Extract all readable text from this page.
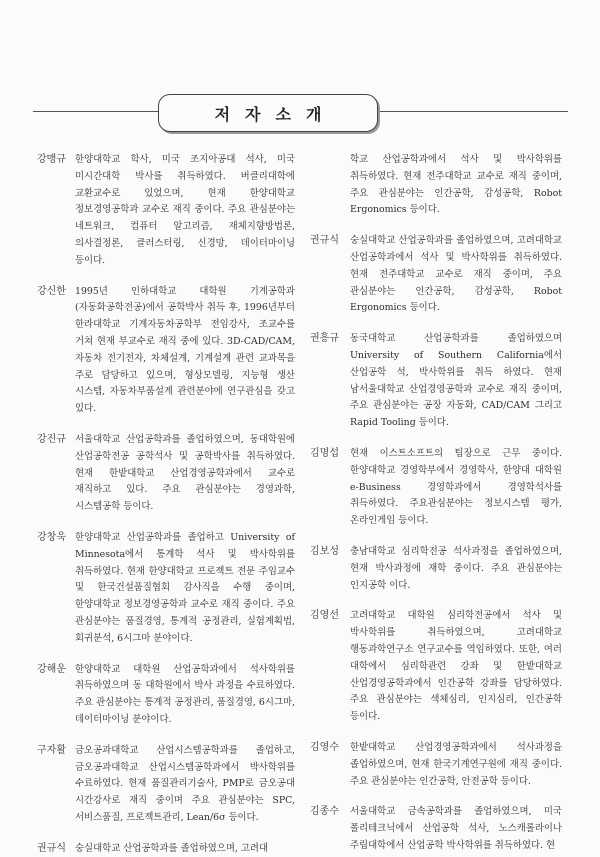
저자소개
강맹규 한양대학교 학사, 미국 조지아공대 석사, 미국 미시간대학 박사를 취득하였다. 버클리대학에 교환교수로 있었으며, 현재 한양대학교 정보경영공학과 교수로 재직 중이다. 주요 관심분야는 네트워크, 컴퓨터 알고리즘, 재체지향방법론, 의사결정론, 클러스터링, 신경망, 데이터마이닝 등이다.
강신한 1995년 인하대학교 대학원 기계공학과(자동화공학전공)에서 공학박사 취득 후, 1996년부터 한라대학교 기계자동차공학부 전임강사, 조교수를 거쳐 현재 부교수로 재직 중에 있다. 3D-CAD/CAM, 자동차 전기전자, 차체설계, 기계설계 관련 교과목을 주로 담당하고 있으며, 형상모델링, 지능형 생산 시스템, 자동차부품설계 관련분야에 연구관심을 갖고 있다.
강진규 서울대학교 산업공학과를 졸업하였으며, 동대학원에 산업공학전공 공학석사 및 공학박사를 취득하였다. 현재 한밭대학교 산업경영공학과에서 교수로 재직하고 있다. 주요 관심분야는 경영과학, 시스템공학 등이다.
강창욱 한양대학교 산업공학과를 졸업하고 University of Minnesota에서 통계학 석사 및 박사학위를 취득하였다. 현재 한양대학교 프로젝트 전문 주임교수 및 한국건설품질협회 감사직을 수행 중이며, 한양대학교 정보경영공학과 교수로 재직 중이다. 주요 관심분야는 품질경영, 통계적 공정관리, 실험계획법, 회귀분석, 6시그마 분야이다.
강해운 한양대학교 대학원 산업공학과에서 석사학위를 취득하였으며 동 대학원에서 박사 과정을 수료하였다. 주요 관심분야는 통계적 공정관리, 품질경영, 6시그마, 데이터마이닝 분야이다.
구자활 금오공과대학교 산업시스템공학과를 졸업하고, 금오공과대학교 산업시스템공학과에서 박사학위를 수료하였다. 현재 품질관리기술사, PMP로 금오공대 시간강사로 재직 중이며 주요 관심분야는 SPC, 서비스품질, 프로젝트관리, Lean/6σ 등이다.
권규식 숭실대학교 산업공학과를 졸업하였으며, 고려대
학교 산업공학과에서 석사 및 박사학위를 취득하였다. 현재 전주대학교 교수로 재직 중이며, 주요 관심분야는 인간공학, 감성공학, Robot Ergonomics 등이다.
권규식	숭실대학교 산업공학과를 졸업하였으며, 고려대학교 산업공학과에서 석사 및 박사학위를 취득하였다. 현재 전주대학교 교수로 재직 중이며, 주요 관심분야는 인간공학, 감성공학, Robot Ergonomics 등이다.
권흥규	동국대학교 산업공학과를 졸업하였으며 University of Southern California에서 산업공학 석, 박사학위를 취득 하였다. 현재 남서울대학교 산업경영공학과 교수로 재직 중이며, 주요 관심분야는 공장 자동화, CAD/CAM 그리고 Rapid Tooling 등이다.
김명섭	현재 이스트소프트의 팀장으로 근무 중이다. 한양대학교 경영학부에서 경영학사, 한양대 대학원 e-Business 경영학과에서 경영학석사를 취득하였다. 주요관심분야는 정보시스템 평가, 온라인게임 등이다.
김보성	충남대학교 심리학전공 석사과정을 졸업하였으며, 현재 박사과정에 재학 중이다. 주요 관심분야는 인지공학 이다.
김영선	고려대학교 대학원 심리학전공에서 석사 및 박사학위를 취득하였으며, 고려대학교 행동과학연구소 연구교수를 역임하였다. 또한, 여러 대학에서 심리학관련 강좌 및 한밭대학교 산업경영공학과에서 인간공학 강좌를 담당하였다. 주요 관심분야는 색체심리, 인지심리, 인간공학 등이다.
김영수	한밭대학교 산업경영공학과에서 석사과정을 졸업하였으며, 현재 한국기계연구원에 재직 중이다. 주요 관심분야는 인간공학, 안전공학 등이다.
김종수	서울대학교 금속공학과를 졸업하였으며, 미국 폴리테크닉에서 산업공학 석사, 노스캐롤라이나 주립대학에서 산업공학 박사학위를 취득하였다. 현
